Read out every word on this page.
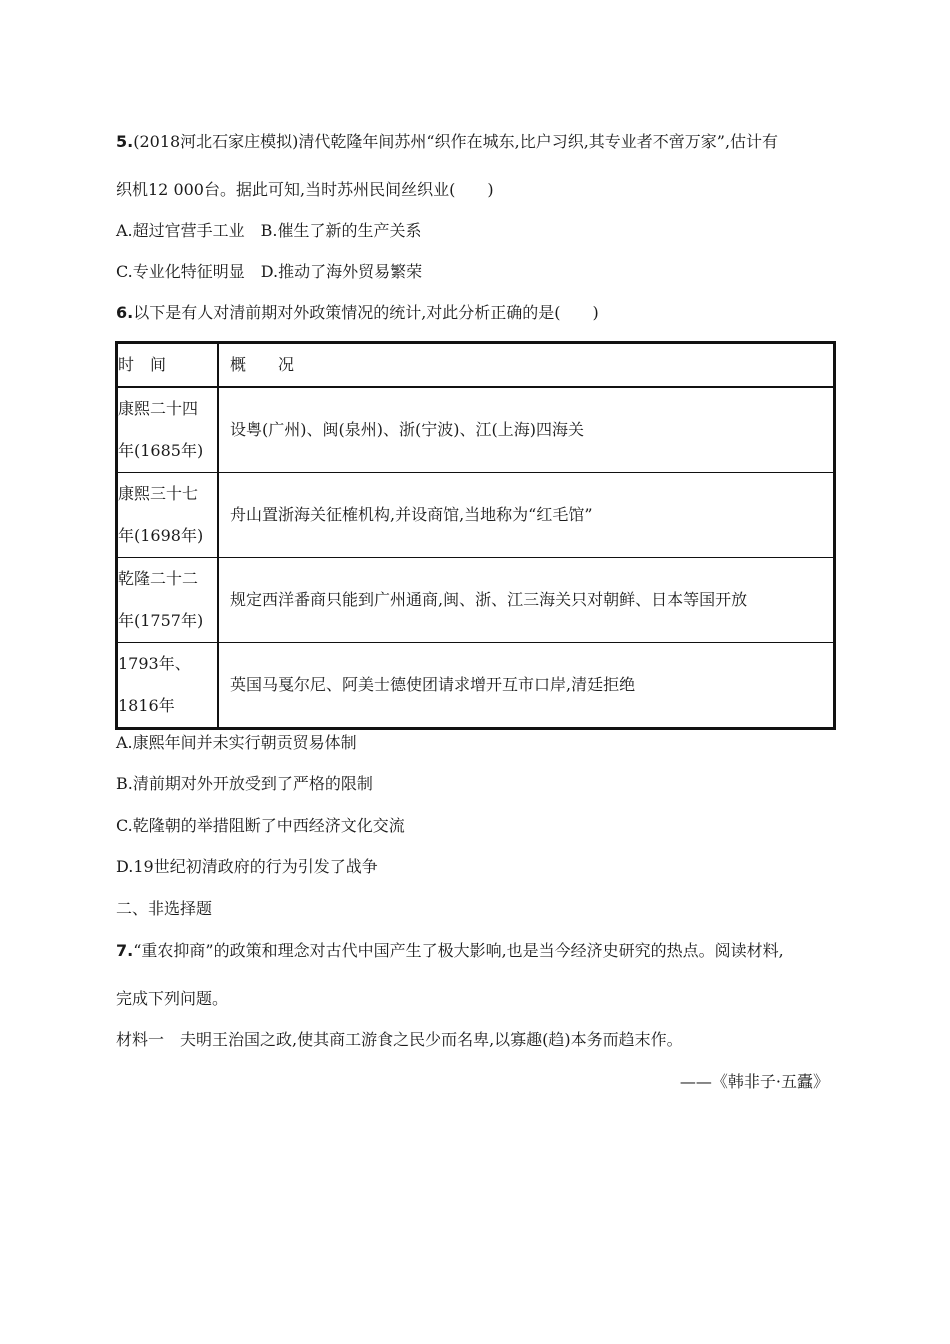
5.(2018河北石家庄模拟)清代乾隆年间苏州“织作在城东,比户习织,其专业者不啻万家”,估计有
织机12 000台。据此可知,当时苏州民间丝织业(　　)
A.超过官营手工业　B.催生了新的生产关系
C.专业化特征明显　D.推动了海外贸易繁荣
6.以下是有人对清前期对外政策情况的统计,对此分析正确的是(　　)
时　间	概　　况

康熙二十四
年(1685年)	设粤(广州)、闽(泉州)、浙(宁波)、江(上海)四海关

康熙三十七
年(1698年)	舟山置浙海关征榷机构,并设商馆,当地称为“红毛馆”

乾隆二十二
年(1757年)	规定西洋番商只能到广州通商,闽、浙、江三海关只对朝鲜、日本等国开放

1793年、
1816年	英国马戛尔尼、阿美士德使团请求增开互市口岸,清廷拒绝
A.康熙年间并未实行朝贡贸易体制
B.清前期对外开放受到了严格的限制
C.乾隆朝的举措阻断了中西经济文化交流
D.19世纪初清政府的行为引发了战争
二、非选择题
7.“重农抑商”的政策和理念对古代中国产生了极大影响,也是当今经济史研究的热点。阅读材料,
完成下列问题。
材料一　夫明王治国之政,使其商工游食之民少而名卑,以寡趣(趋)本务而趋末作。
——《韩非子·五蠹》
